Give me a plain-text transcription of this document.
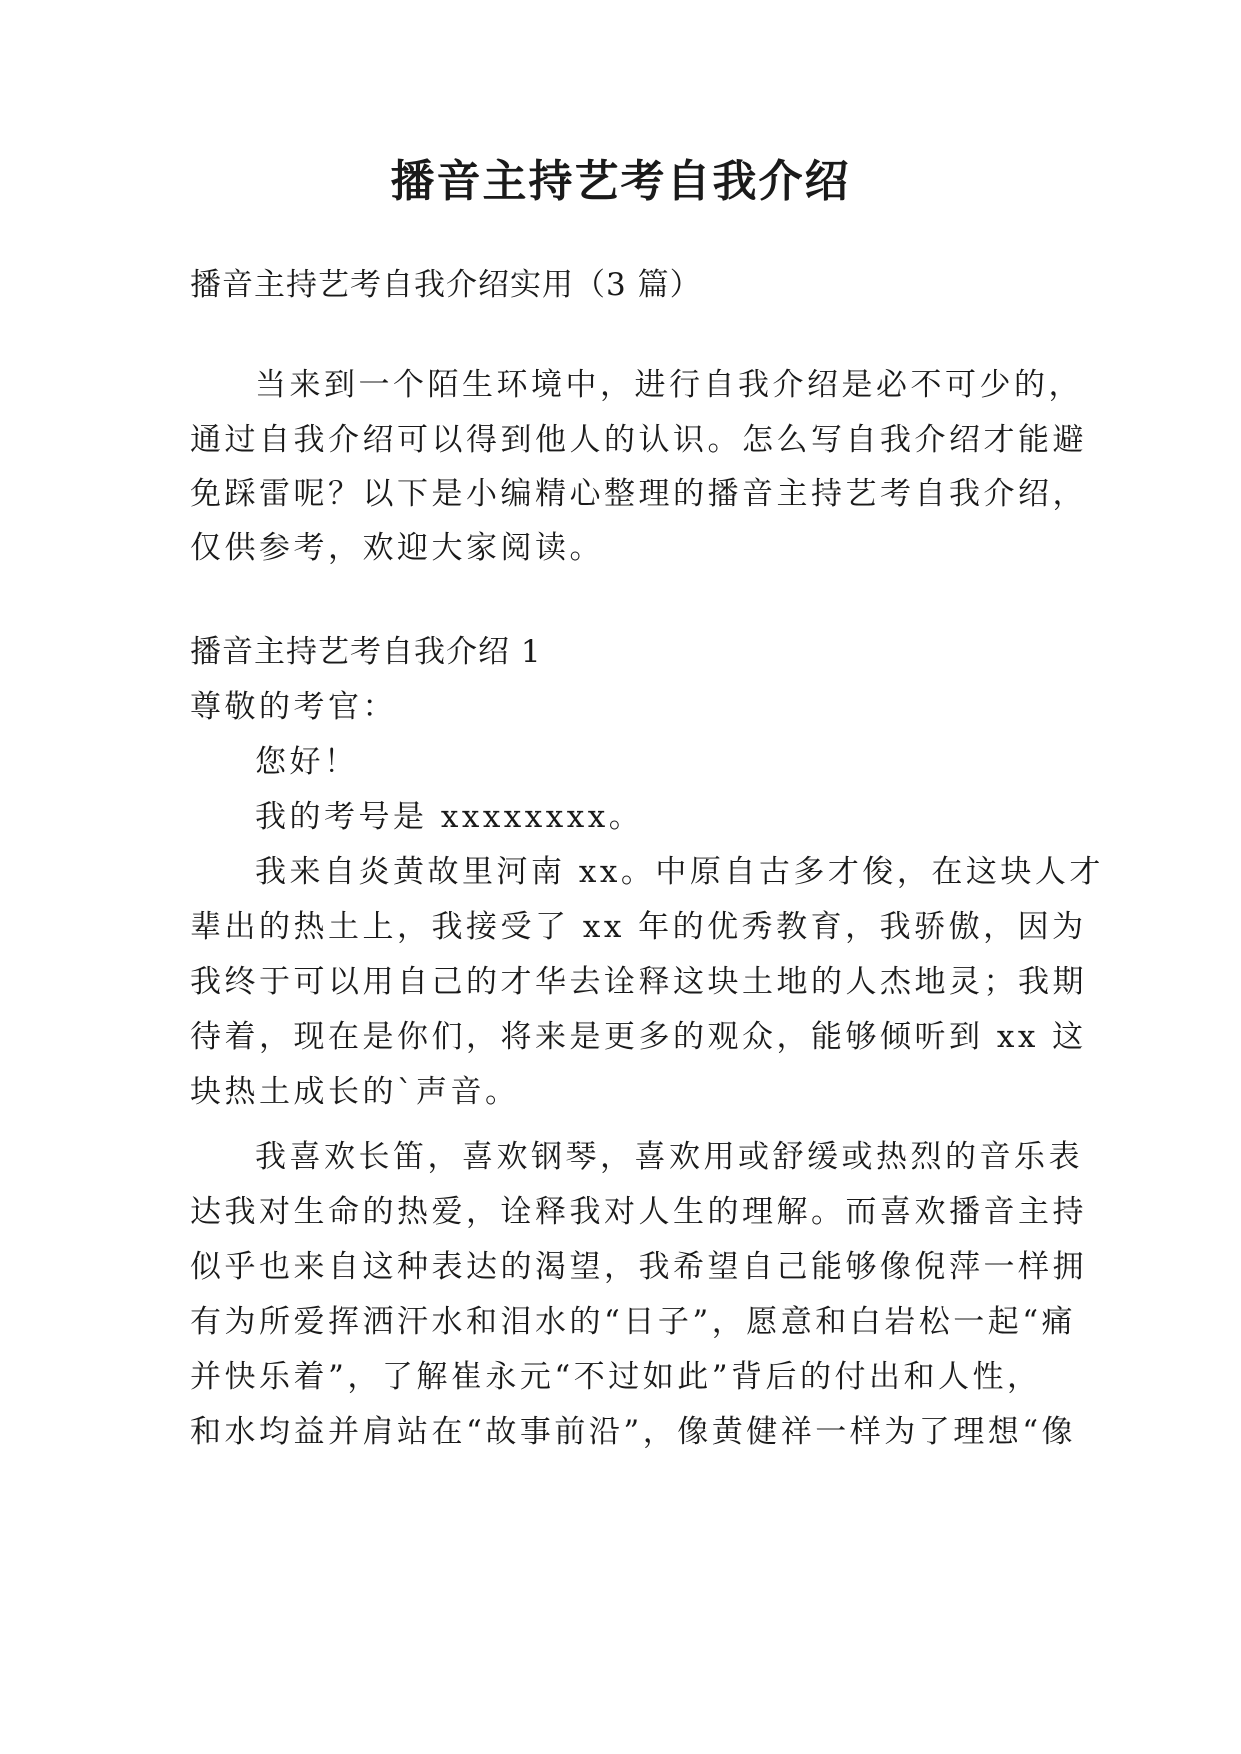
播音主持艺考自我介绍

播音主持艺考自我介绍实用（3 篇）

当来到一个陌生环境中，进行自我介绍是必不可少的，

通过自我介绍可以得到他人的认识。怎么写自我介绍才能避

免踩雷呢？以下是小编精心整理的播音主持艺考自我介绍，

仅供参考，欢迎大家阅读。

播音主持艺考自我介绍 1

尊敬的考官：

您好！

我的考号是 xxxxxxxx。

我来自炎黄故里河南 xx。中原自古多才俊，在这块人才

辈出的热土上，我接受了 xx 年的优秀教育，我骄傲，因为

我终于可以用自己的才华去诠释这块土地的人杰地灵；我期

待着，现在是你们，将来是更多的观众，能够倾听到 xx 这

块热土成长的`声音。

我喜欢长笛，喜欢钢琴，喜欢用或舒缓或热烈的音乐表

达我对生命的热爱，诠释我对人生的理解。而喜欢播音主持

似乎也来自这种表达的渴望，我希望自己能够像倪萍一样拥

有为所爱挥洒汗水和泪水的“日子”，愿意和白岩松一起“痛

并快乐着”，了解崔永元“不过如此”背后的付出和人性，

和水均益并肩站在“故事前沿”，像黄健祥一样为了理想“像
